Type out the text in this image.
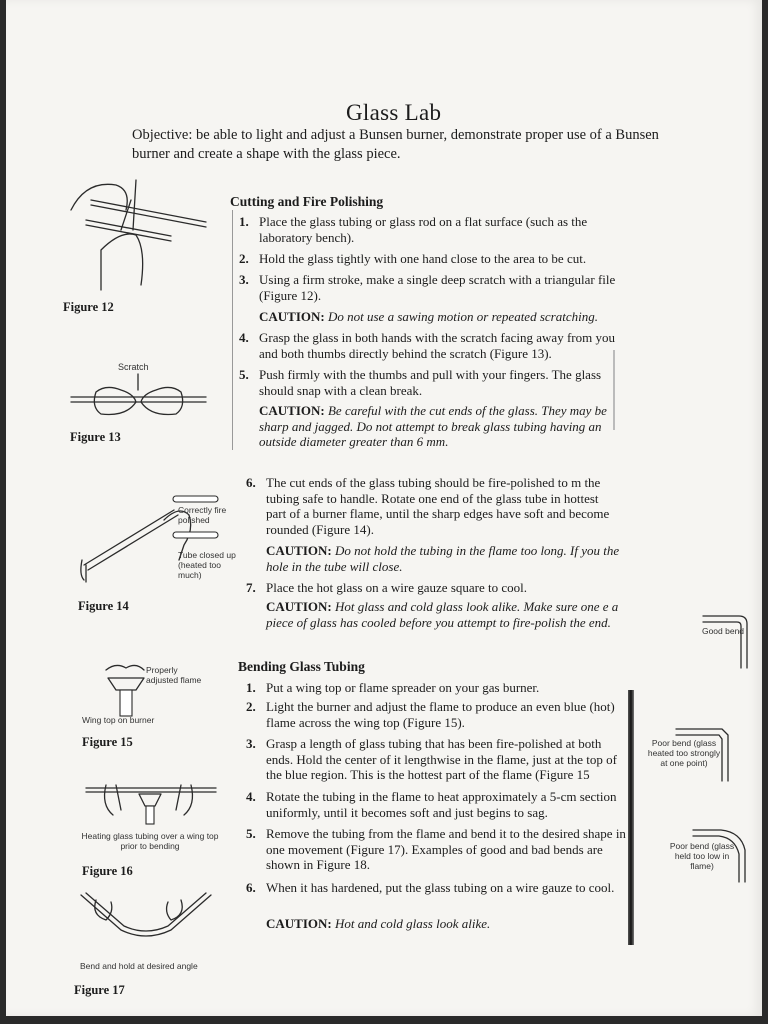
Glass Lab
Objective: be able to light and adjust a Bunsen burner, demonstrate proper use of a Bunsen burner and create a shape with the glass piece.
Cutting and Fire Polishing
1. Place the glass tubing or glass rod on a flat surface (such as the laboratory bench).
2. Hold the glass tightly with one hand close to the area to be cut.
3. Using a firm stroke, make a single deep scratch with a triangular file (Figure 12).
CAUTION: Do not use a sawing motion or repeated scratching.
4. Grasp the glass in both hands with the scratch facing away from you and both thumbs directly behind the scratch (Figure 13).
5. Push firmly with the thumbs and pull with your fingers. The glass should snap with a clean break.
CAUTION: Be careful with the cut ends of the glass. They may be sharp and jagged. Do not attempt to break glass tubing having an outside diameter greater than 6 mm.
6. The cut ends of the glass tubing should be fire-polished to m the tubing safe to handle. Rotate one end of the glass tube in hottest part of a burner flame, until the sharp edges have soft and become rounded (Figure 14).
CAUTION: Do not hold the tubing in the flame too long. If you the hole in the tube will close.
7. Place the hot glass on a wire gauze square to cool.
CAUTION: Hot glass and cold glass look alike. Make sure one e a piece of glass has cooled before you attempt to fire-polish the end.
Bending Glass Tubing
1. Put a wing top or flame spreader on your gas burner.
2. Light the burner and adjust the flame to produce an even blue (hot) flame across the wing top (Figure 15).
3. Grasp a length of glass tubing that has been fire-polished at both ends. Hold the center of it lengthwise in the flame, just at the top of the blue region. This is the hottest part of the flame (Figure 15
4. Rotate the tubing in the flame to heat approximately a 5-cm section uniformly, until it becomes soft and just begins to sag.
5. Remove the tubing from the flame and bend it to the desired shape in one movement (Figure 17). Examples of good and bad bends are shown in Figure 18.
6. When it has hardened, put the glass tubing on a wire gauze to cool.
CAUTION: Hot and cold glass look alike.
Figure 12
Scratch
Figure 13
Correctly fire polished
Tube closed up (heated too much)
Figure 14
Properly adjusted flame
Wing top on burner
Figure 15
Heating glass tubing over a wing top prior to bending
Figure 16
Bend and hold at desired angle
Figure 17
Good bend
Poor bend (glass heated too strongly at one point)
Poor bend (glass held too low in flame)
